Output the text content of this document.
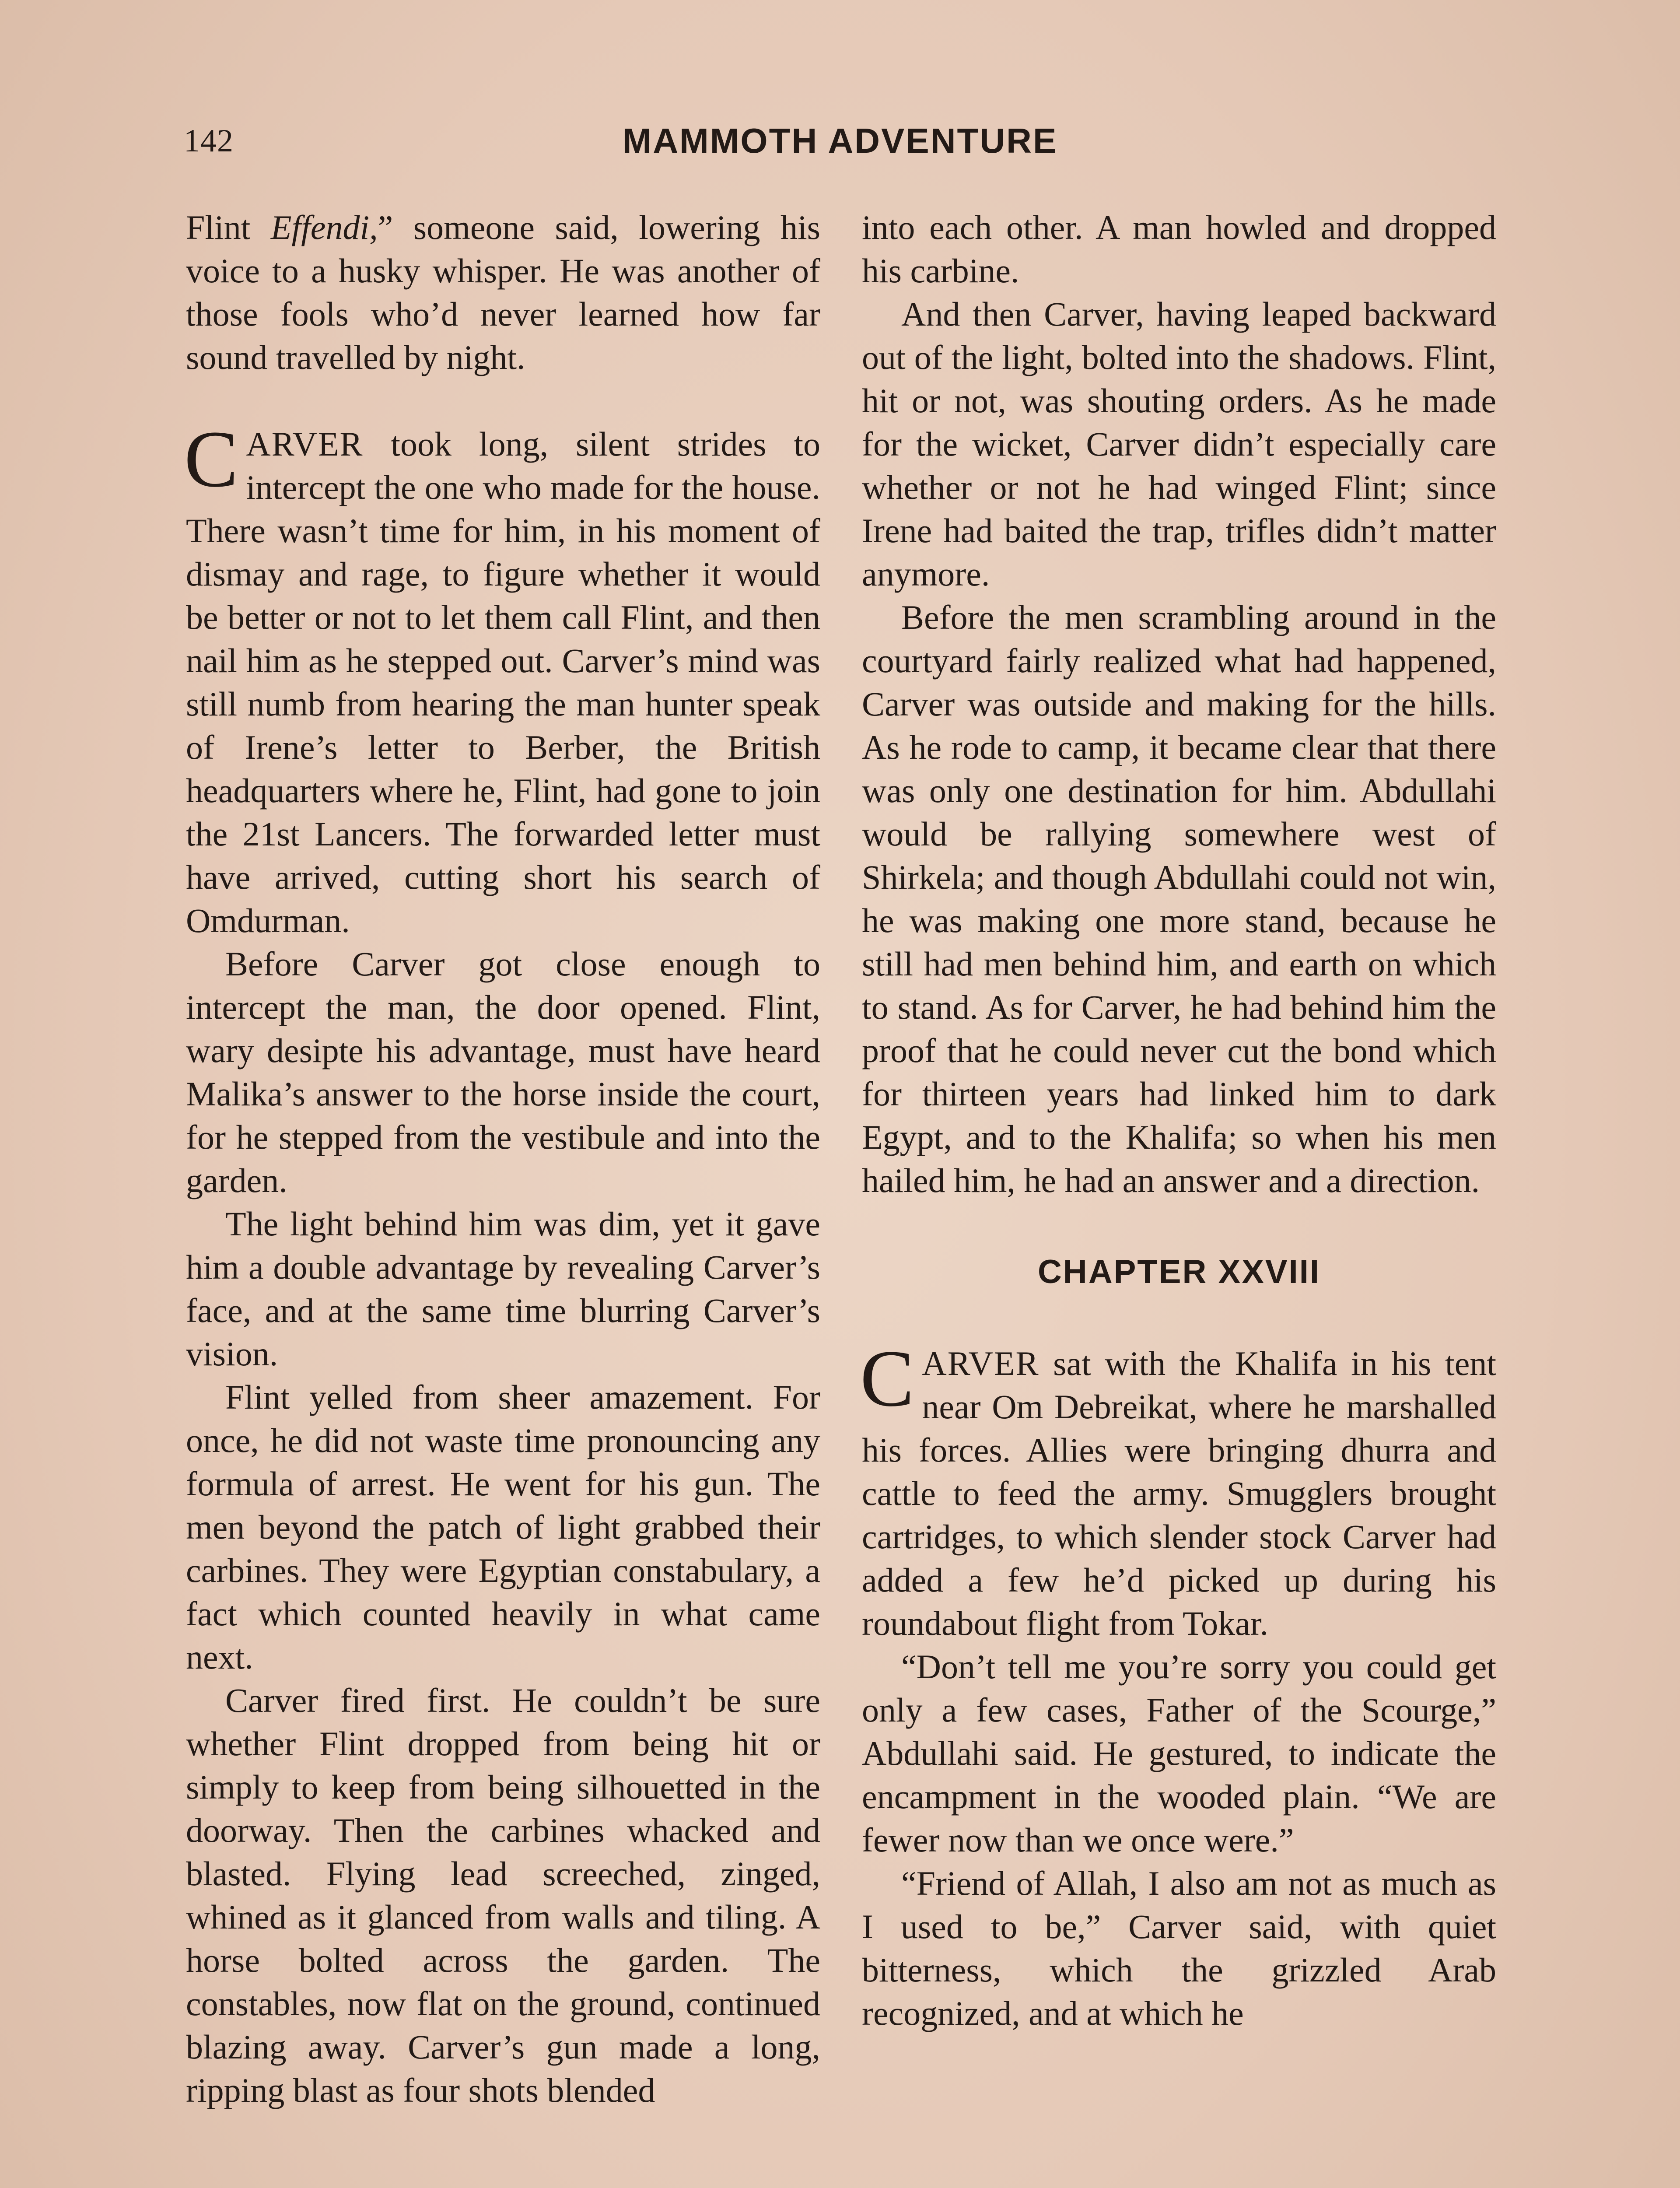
142	MAMMOTH ADVENTURE

Flint Effendi,” someone said, lowering his voice to a husky whisper. He was another of those fools who’d never learned how far sound travelled by night.

CARVER took long, silent strides to intercept the one who made for the house. There wasn’t time for him, in his moment of dismay and rage, to figure whether it would be better or not to let them call Flint, and then nail him as he stepped out. Carver’s mind was still numb from hearing the man hunter speak of Irene’s letter to Berber, the British headquarters where he, Flint, had gone to join the 21st Lancers. The forwarded letter must have arrived, cutting short his search of Omdurman.

Before Carver got close enough to intercept the man, the door opened. Flint, wary desipte his advantage, must have heard Malika’s answer to the horse inside the court, for he stepped from the vestibule and into the garden.

The light behind him was dim, yet it gave him a double advantage by revealing Carver’s face, and at the same time blurring Carver’s vision.

Flint yelled from sheer amazement. For once, he did not waste time pronouncing any formula of arrest. He went for his gun. The men beyond the patch of light grabbed their carbines. They were Egyptian constabulary, a fact which counted heavily in what came next.

Carver fired first. He couldn’t be sure whether Flint dropped from being hit or simply to keep from being silhouetted in the doorway. Then the carbines whacked and blasted. Flying lead screeched, zinged, whined as it glanced from walls and tiling. A horse bolted across the garden. The constables, now flat on the ground, continued blazing away. Carver’s gun made a long, ripping blast as four shots blended

into each other. A man howled and dropped his carbine.

And then Carver, having leaped backward out of the light, bolted into the shadows. Flint, hit or not, was shouting orders. As he made for the wicket, Carver didn’t especially care whether or not he had winged Flint; since Irene had baited the trap, trifles didn’t matter anymore.

Before the men scrambling around in the courtyard fairly realized what had happened, Carver was outside and making for the hills. As he rode to camp, it became clear that there was only one destination for him. Abdullahi would be rallying somewhere west of Shirkela; and though Abdullahi could not win, he was making one more stand, because he still had men behind him, and earth on which to stand. As for Carver, he had behind him the proof that he could never cut the bond which for thirteen years had linked him to dark Egypt, and to the Khalifa; so when his men hailed him, he had an answer and a direction.

CHAPTER XXVIII

CARVER sat with the Khalifa in his tent near Om Debreikat, where he marshalled his forces. Allies were bringing dhurra and cattle to feed the army. Smugglers brought cartridges, to which slender stock Carver had added a few he’d picked up during his roundabout flight from Tokar.

“Don’t tell me you’re sorry you could get only a few cases, Father of the Scourge,” Abdullahi said. He gestured, to indicate the encampment in the wooded plain. “We are fewer now than we once were.”

“Friend of Allah, I also am not as much as I used to be,” Carver said, with quiet bitterness, which the grizzled Arab recognized, and at which he
